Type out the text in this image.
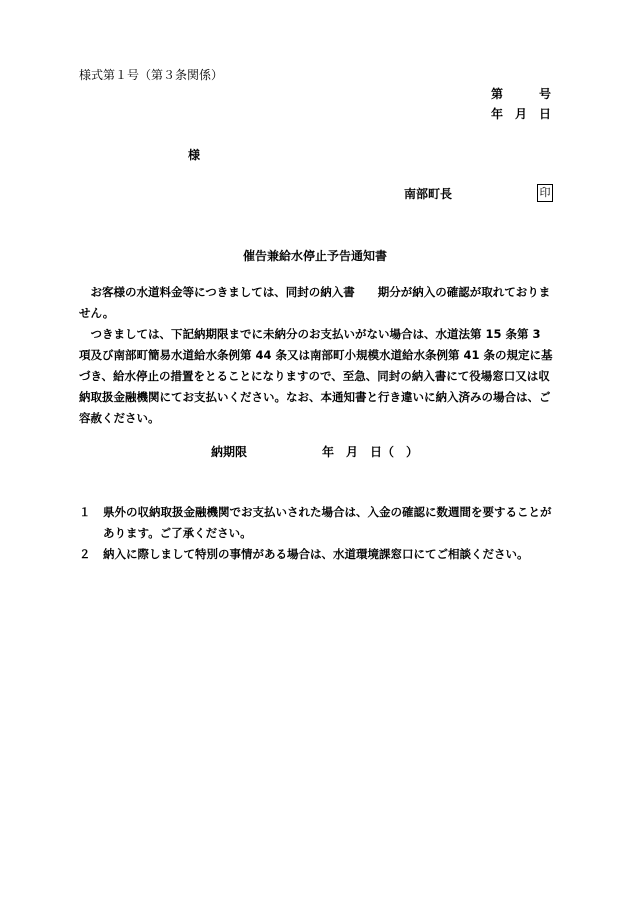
様式第１号（第３条関係）
第　　　号
年　月　日
様
南部町長	印
催告兼給水停止予告通知書
　お客様の水道料金等につきましては、同封の納入書　　期分が納入の確認が取れておりません。
　つきましては、下記納期限までに未納分のお支払いがない場合は、水道法第 15 条第 3 項及び南部町簡易水道給水条例第 44 条又は南部町小規模水道給水条例第 41 条の規定に基づき、給水停止の措置をとることになりますので、至急、同封の納入書にて役場窓口又は収納取扱金融機関にてお支払いください。なお、本通知書と行き違いに納入済みの場合は、ご容赦ください。
納期限	年　月　日（　）
１	県外の収納取扱金融機関でお支払いされた場合は、入金の確認に数週間を要することがあります。ご了承ください。
２	納入に際しまして特別の事情がある場合は、水道環境課窓口にてご相談ください。
